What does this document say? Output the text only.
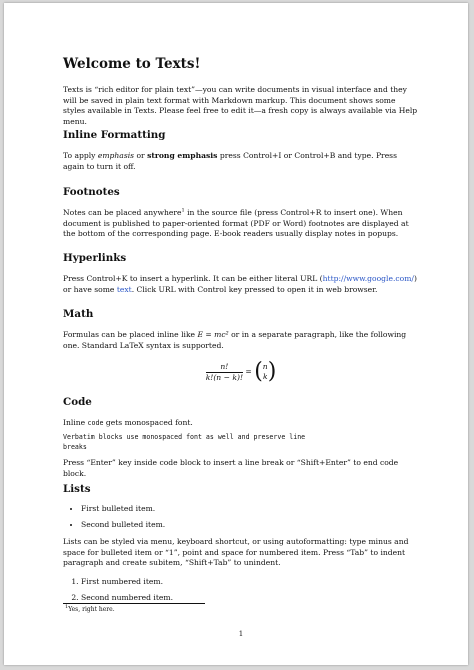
Welcome to Texts!

Texts is “rich editor for plain text”—you can write documents in visual interface and they will be saved in plain text format with Markdown markup. This document shows some styles available in Texts. Please feel free to edit it—a fresh copy is always available via Help menu.

Inline Formatting

To apply emphasis or strong emphasis press Control+I or Control+B and type. Press again to turn it off.

Footnotes

Notes can be placed anywhere$^1$ in the source file (press Control+R to insert one). When document is published to paper-oriented format (PDF or Word) footnotes are displayed at the bottom of the corresponding page. E-book readers usually display notes in popups.

Hyperlinks

Press Control+K to insert a hyperlink. It can be either literal URL (http://www.google.com/) or have some text. Click URL with Control key pressed to open it in web browser.

Math

Formulas can be placed inline like E = mc² or in a separate paragraph, like the following one. Standard LaTeX syntax is supported.

$\frac{n!}{k!(n - k)!}$ = ( n
k )
Code

Inline code gets monospaced font.

Verbatim blocks use monospaced font as well and preserve line
breaks

Press “Enter” key inside code block to insert a line break or “Shift+Enter” to end code block.

Lists
• First bulleted item.
• Second bulleted item.

Lists can be styled via menu, keyboard shortcut, or using autoformatting: type minus and space for bulleted item or “1”, point and space for numbered item. Press “Tab” to indent paragraph and create subitem, “Shift+Tab” to unindent.

1. First numbered item.
2. Second numbered item.
$^1$Yes, right here.
1
